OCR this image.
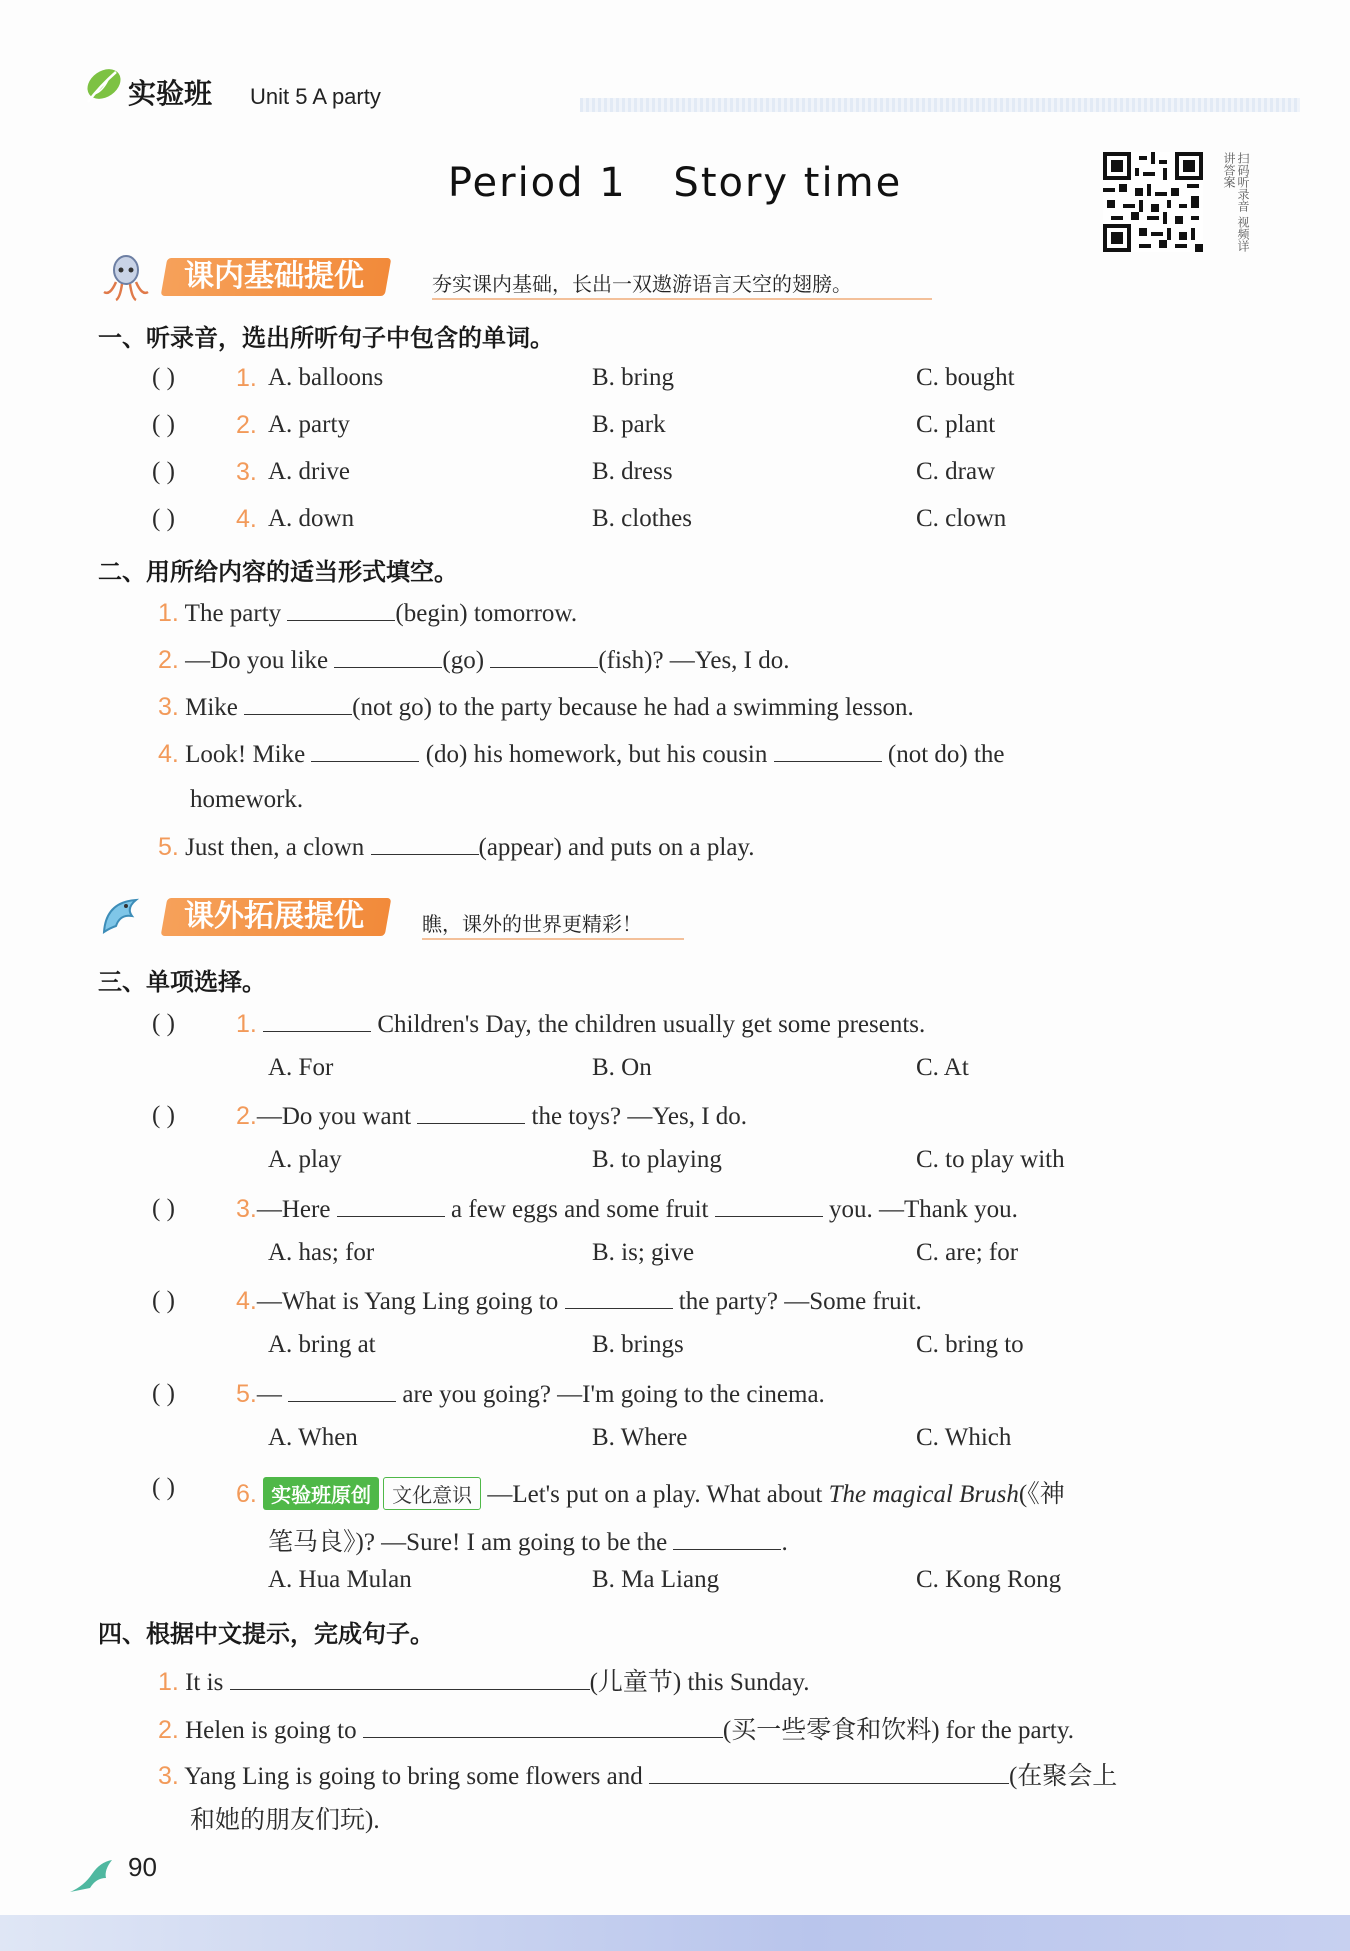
实验班 Unit 5 A party
Period 1 Story time	扫码听录音 视频详讲答案
课内基础提优	夯实课内基础，长出一双遨游语言天空的翅膀。
一、听录音，选出所听句子中包含的单词。
( ) 1. A. balloons	B. bring	C. bought
( ) 2. A. party	B. park	C. plant
( ) 3. A. drive	B. dress	C. draw
( ) 4. A. down	B. clothes	C. clown
二、用所给内容的适当形式填空。
1. The party	(begin) tomorrow.
2. —Do you like	(go)	(fish)? —Yes, I do.
3. Mike	(not go) to the party because he had a swimming lesson.
4. Look! Mike	(do) his homework, but his cousin	(not do) the
homework.
5. Just then, a clown	(appear) and puts on a play.
课外拓展提优	瞧，课外的世界更精彩！
三、单项选择。
( ) 1.	Children's Day, the children usually get some presents.
A. For	B. On	C. At
( ) 2.—Do you want	the toys? —Yes, I do.
A. play	B. to playing	C. to play with
( ) 3.—Here	a few eggs and some fruit	you. —Thank you.
A. has; for	B. is; give	C. are; for
( ) 4.—What is Yang Ling going to	the party? —Some fruit.
A. bring at	B. brings	C. bring to
( ) 5.—	are you going? —I'm going to the cinema.
A. When	B. Where	C. Which
( ) 6. 实验班原创 文化意识 —Let's put on a play. What about The magical Brush(《神
笔马良》)? —Sure! I am going to be the	.
A. Hua Mulan	B. Ma Liang	C. Kong Rong
四、根据中文提示，完成句子。
1. It is	(儿童节) this Sunday.
2. Helen is going to	(买一些零食和饮料) for the party.
3. Yang Ling is going to bring some flowers and	(在聚会上
和她的朋友们玩).
90
